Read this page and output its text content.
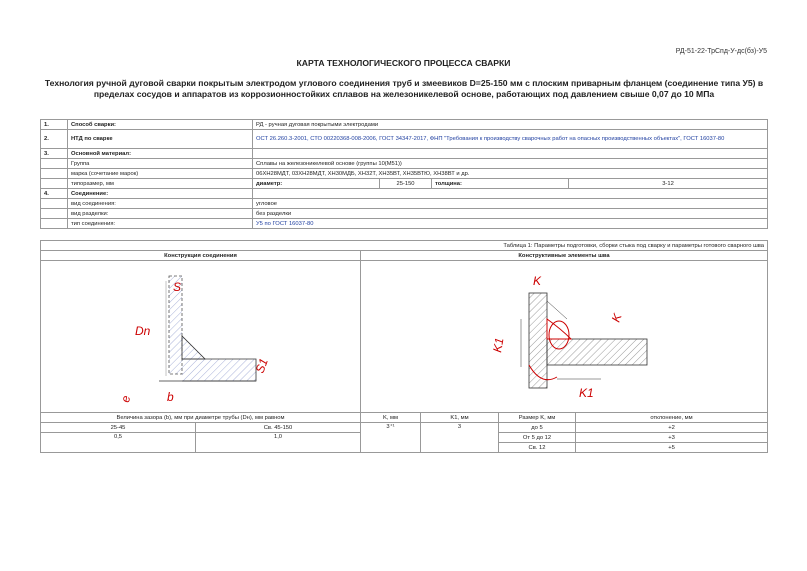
РД-51-22-ТрСпд-У-дс(бз)-У5
КАРТА ТЕХНОЛОГИЧЕСКОГО ПРОЦЕССА СВАРКИ
Технология ручной дуговой сварки покрытым электродом углового соединения труб и змеевиков D=25-150 мм с плоским приварным фланцем (соединение типа У5) в пределах сосудов и аппаратов из коррозионностойких сплавов на железоникелевой основе, работающих под давлением свыше 0,07 до 10 МПа
1.	Способ сварки:	РД - ручная дуговая покрытыми электродами			
2.	НТД по сварке	ОСТ 26.260.3-2001, СТО 00220368-008-2006, ГОСТ 34347-2017, ФНП "Требования к производству сварочных работ на опасных производственных объектах", ГОСТ 16037-80			
3.	Основной материал:				
	Группа	Сплавы на железоникелевой основе (группы 10(М51))			
	марка (сочетание марок)	06ХН28МДТ, 03ХН28МДТ, ХН30МДБ, ХН32Т, ХН35ВТ, ХН35ВТЮ, ХН38ВТ и др.			
	типоразмер, мм	диаметр:	25-150	толщина:	3-12
4.	Соединение:				
	вид соединения:	угловое			
	вид разделки:	без разделки			
	тип соединения:	У5 по ГОСТ 16037-80			
Таблица 1: Параметры подготовки, сборки стыка под сварку и параметры готового сварного шва					
Конструкция соединения		Конструктивные элементы шва			

S
Dn
S1
b
e		K
K1
K1
K			

Величина зазора (b), мм при диаметре трубы (Dн), мм равном		K, мм	K1, мм	Размер K, мм	отклонение, мм
25-45	Св. 45-150	3⁺¹	3	до 5	+2
0,5	1,0			От 5 до 12	+3
				Св. 12	+5
